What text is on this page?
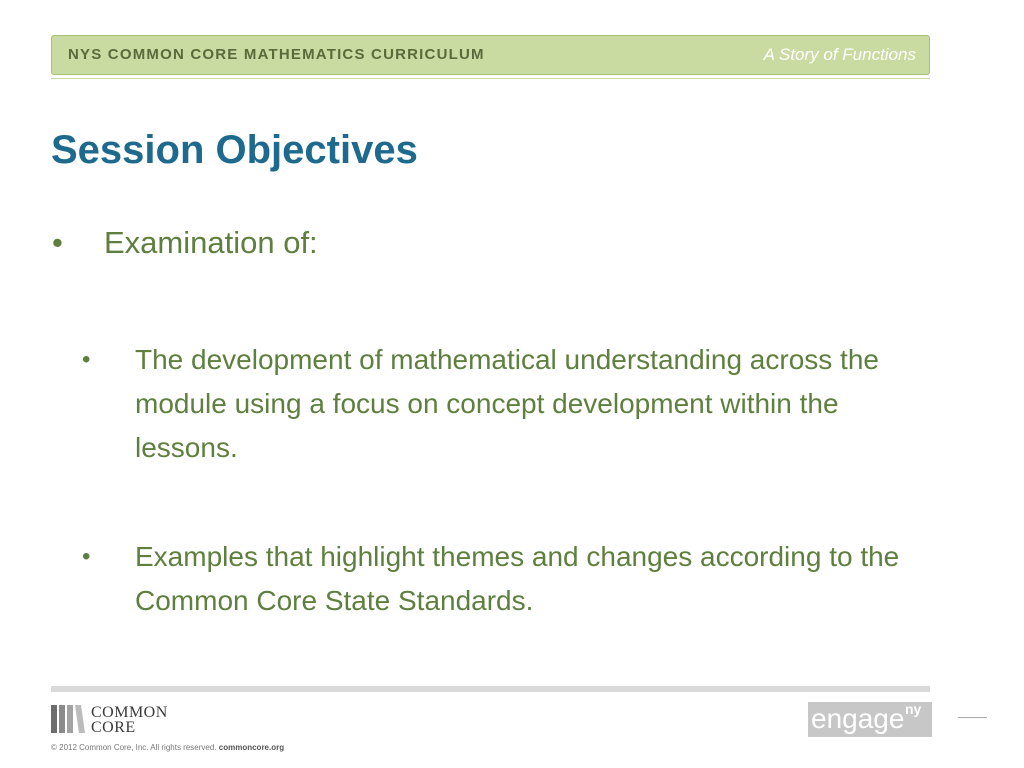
NYS COMMON CORE MATHEMATICS CURRICULUM	A Story of Functions
Session Objectives
• Examination of:
• The development of mathematical understanding across the module using a focus on concept development within the lessons.
• Examples that highlight themes and changes according to the Common Core State Standards.
COMMON
CORE
© 2012 Common Core, Inc. All rights reserved. commoncore.org
engage ny
